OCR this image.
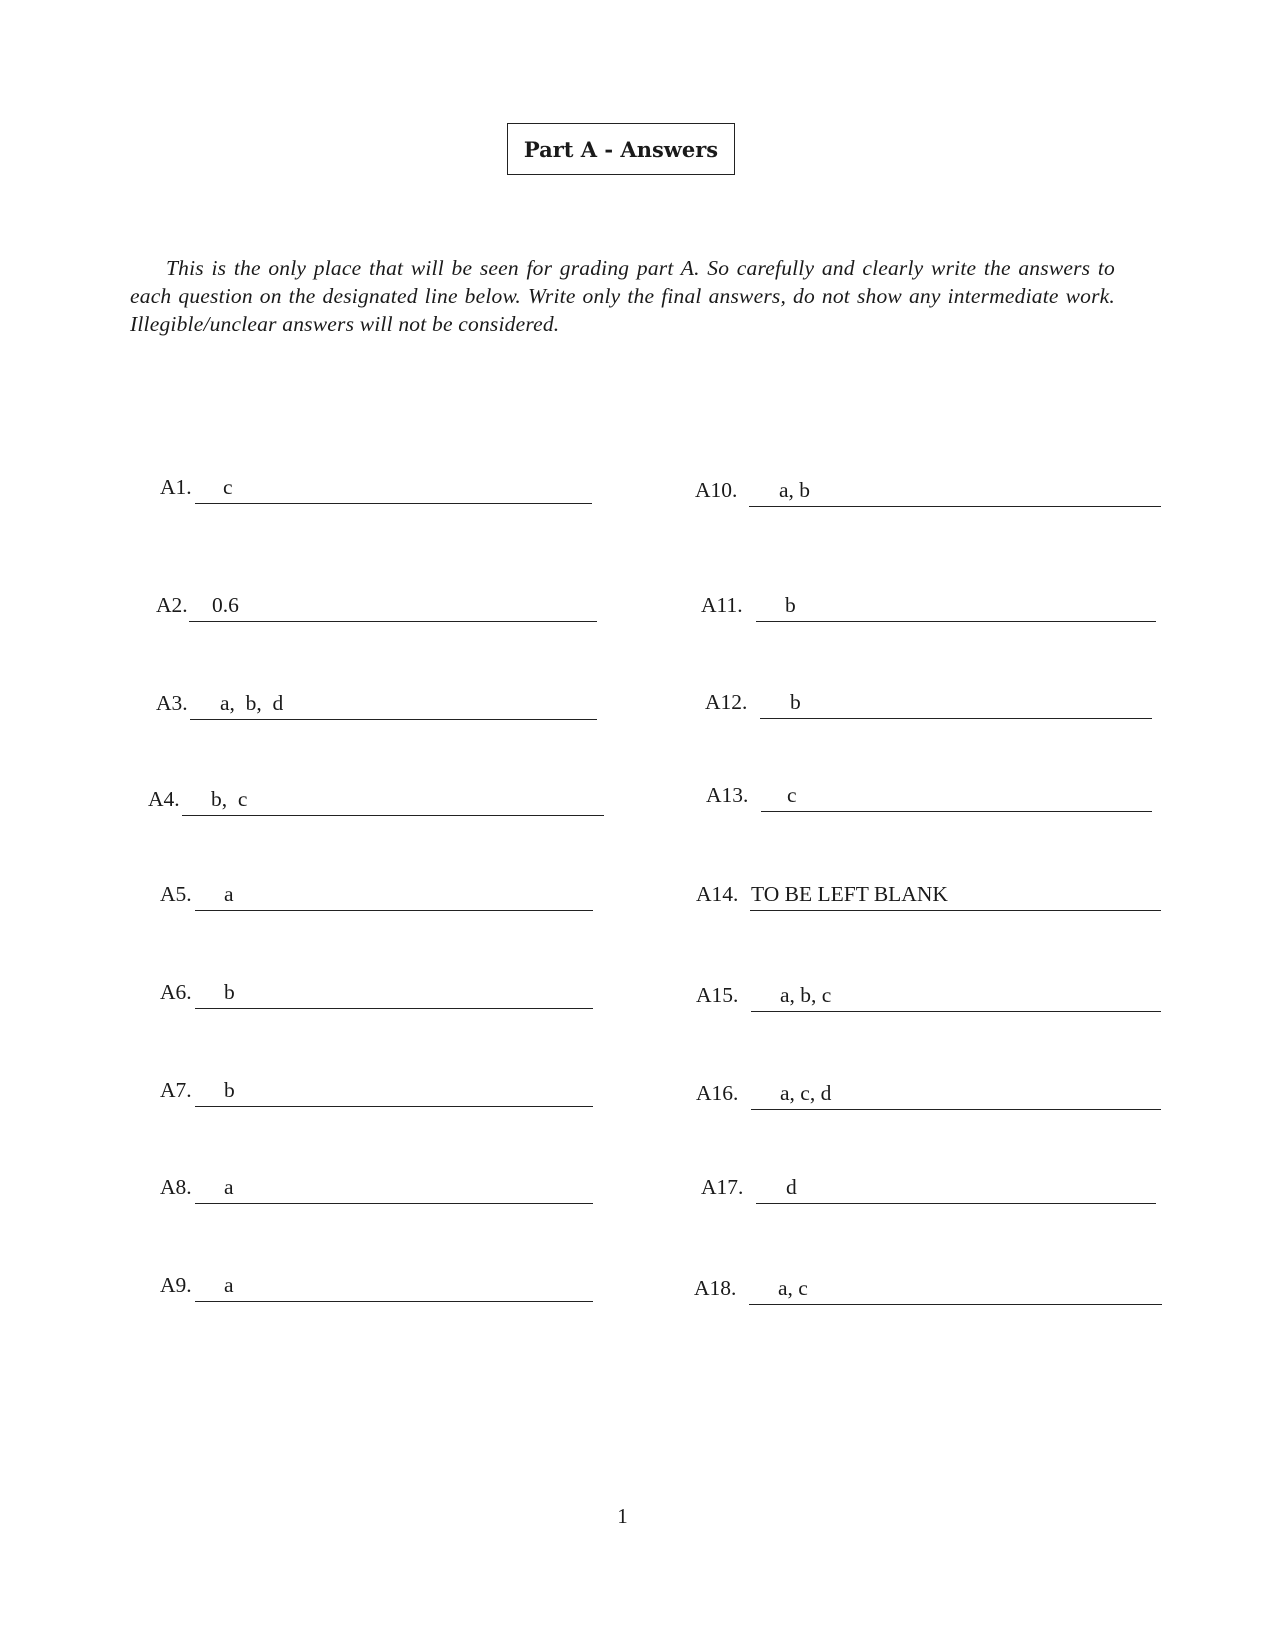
Part A - Answers

This is the only place that will be seen for grading part A. So carefully and clearly write the answers to each question on the designated line below. Write only the final answers, do not show any intermediate work. Illegible/unclear answers will not be considered.

A1. c
A2. 0.6
A3. a,  b,  d
A4. b,  c
A5. a
A6. b
A7. b
A8. a
A9. a
A10. a, b
A11. b
A12. b
A13. c
A14. TO BE LEFT BLANK
A15. a, b, c
A16. a, c, d
A17. d
A18. a, c
1
